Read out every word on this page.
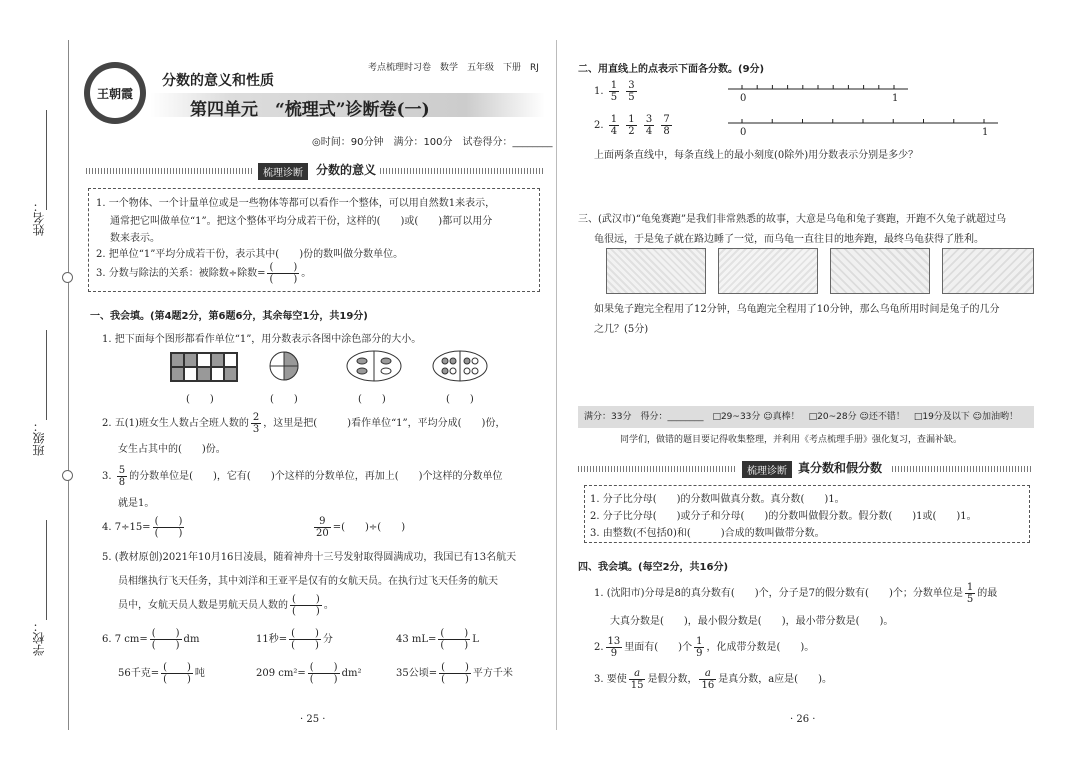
姓名：
班级：
学校：
考点梳理时习卷　数学　五年级　下册　RJ
王朝霞
分数的意义和性质
第四单元　“梳理式”诊断卷(一)
◎时间：90分钟　满分：100分　试卷得分：________
梳理诊断	分数的意义
1. 一个物体、一个计量单位或是一些物体等都可以看作一个整体，可以用自然数1来表示，
通常把它叫做单位“1”。把这个整体平均分成若干份，这样的(　　)或(　　)都可以用分
数来表示。
2. 把单位“1”平均分成若干份，表示其中(　　)份的数叫做分数单位。
3. 分数与除法的关系：被除数÷除数= $\frac{( )}{( )}$ 。
一、我会填。(第4题2分，第6题6分，其余每空1分，共19分)
1. 把下面每个图形都看作单位“1”，用分数表示各图中涂色部分的大小。
(　　)	(　　)	(　　)	(　　)
2. 五(1)班女生人数占全班人数的 $\frac{2}{3}$ ，这里是把(　　　)看作单位“1”，平均分成(　　)份，
女生占其中的(　　)份。
3. $\frac{5}{8}$ 的分数单位是(　　)，它有(　　)个这样的分数单位，再加上(　　)个这样的分数单位
就是1。
4. $7\div 15= \frac{( )}{( )}$	$\frac{9}{20}$ =(　　)÷(　　)
5. (教材原创)2021年10月16日凌晨，随着神舟十三号发射取得圆满成功，我国已有13名航天
员相继执行飞天任务，其中刘洋和王亚平是仅有的女航天员。在执行过飞天任务的航天
员中，女航天员人数是男航天员人数的 $\frac{( )}{( )}$ 。
6. 7 $cm= \frac{( )}{( )}$ dm	11秒= $\frac{( )}{( )}$ 分	43 $mL= \frac{( )}{( )}$ L
56千克= $\frac{( )}{( )}$ 吨	209 $cm^2= \frac{( )}{( )} dm^2$	35公顷= $\frac{( )}{( )}$ 平方千米
· 25 ·
二、用直线上的点表示下面各分数。(9分)
1. $\frac{1}{5}$
$\frac{3}{5}$	0	1
2. $\frac{1}{4}$
$\frac{1}{2}$
$\frac{3}{4}$
$\frac{7}{8}$	0	1
上面两条直线中，每条直线上的最小刻度(0除外)用分数表示分别是多少？
三、(武汉市)“龟兔赛跑”是我们非常熟悉的故事，大意是乌龟和兔子赛跑，开跑不久兔子就超过乌
龟很远，于是兔子就在路边睡了一觉，而乌龟一直往目的地奔跑，最终乌龟获得了胜利。
如果兔子跑完全程用了12分钟，乌龟跑完全程用了10分钟，那么乌龟所用时间是兔子的几分
之几？(5分)
满分：33分　得分：________　□29~33分 ☺真棒！　□20~28分 ☺还不错！　□19分及以下 ☺加油哟！
同学们，做错的题目要记得收集整理，并利用《考点梳理手册》强化复习，查漏补缺。
梳理诊断 真分数和假分数
1. 分子比分母(　　)的分数叫做真分数。真分数(　　)1。
2. 分子比分母(　　)或分子和分母(　　)的分数叫做假分数。假分数(　　)1或(　　)1。
3. 由整数(不包括0)和(　　　)合成的数叫做带分数。
四、我会填。(每空2分，共16分)
1. (沈阳市)分母是8的真分数有(　　)个，分子是7的假分数有(　　)个；分数单位是 $\frac{1}{5}$ 的最
大真分数是(　　)，最小假分数是(　　)，最小带分数是(　　)。
2. $\frac{13}{9}$ 里面有(　　)个 $\frac{1}{9}$ ，化成带分数是(　　)。
3. 要使 $\frac{a}{15}$ 是假分数， $\frac{a}{16}$ 是真分数，a应是(　　)。
· 26 ·
